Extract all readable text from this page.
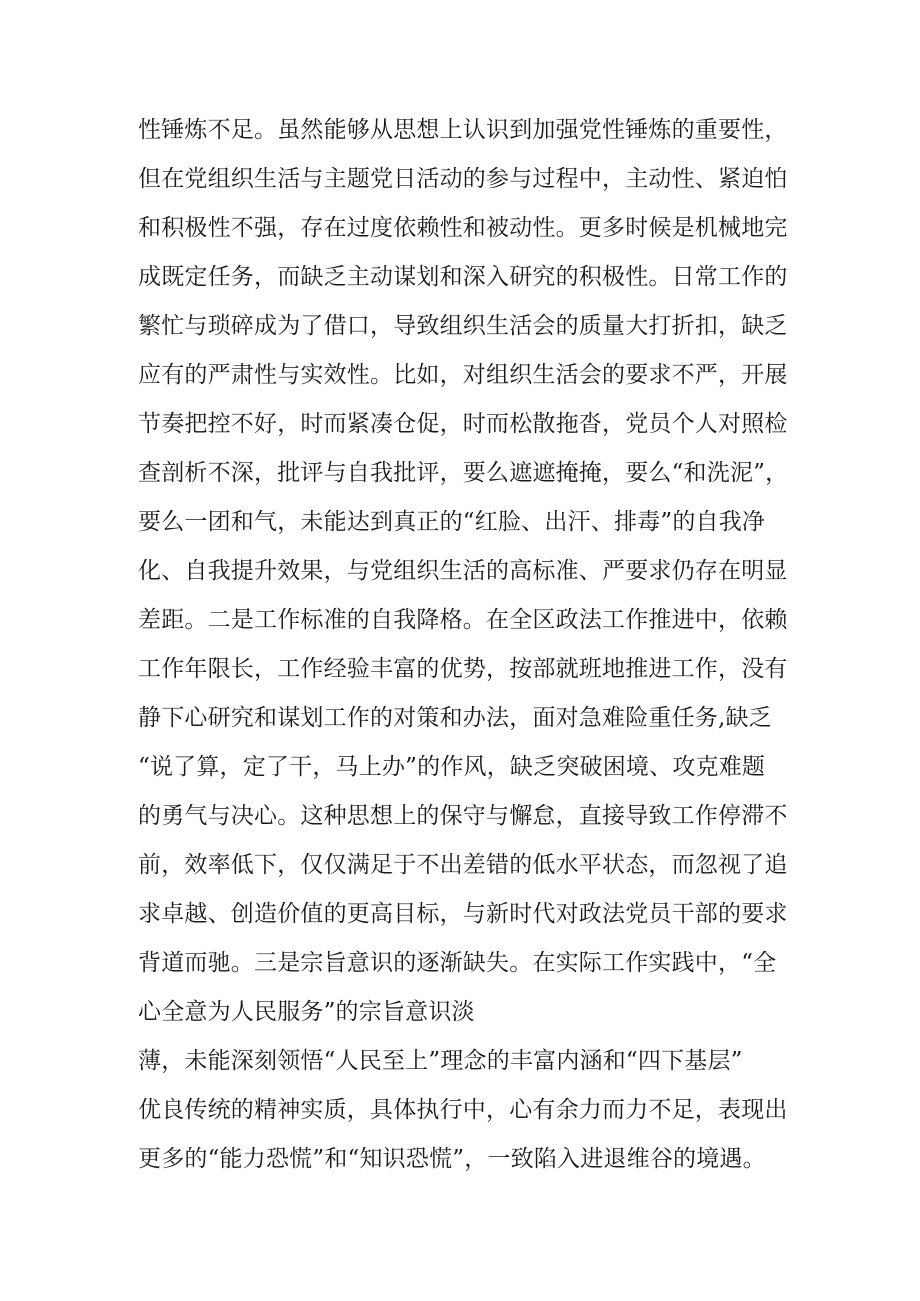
性锤炼不足。虽然能够从思想上认识到加强党性锤炼的重要性，
但在党组织生活与主题党日活动的参与过程中，主动性、紧迫怕
和积极性不强，存在过度依赖性和被动性。更多时候是机械地完
成既定任务，而缺乏主动谋划和深入研究的积极性。日常工作的
繁忙与琐碎成为了借口，导致组织生活会的质量大打折扣，缺乏
应有的严肃性与实效性。比如，对组织生活会的要求不严，开展
节奏把控不好，时而紧凑仓促，时而松散拖沓，党员个人对照检
查剖析不深，批评与自我批评，要么遮遮掩掩，要么“和洗泥”，
要么一团和气，未能达到真正的“红脸、出汗、排毒”的自我净
化、自我提升效果，与党组织生活的高标准、严要求仍存在明显
差距。二是工作标准的自我降格。在全区政法工作推进中，依赖
工作年限长，工作经验丰富的优势，按部就班地推进工作，没有
静下心研究和谋划工作的对策和办法，面对急难险重任务,缺乏
“说了算，定了干，马上办”的作风，缺乏突破困境、攻克难题
的勇气与决心。这种思想上的保守与懈怠，直接导致工作停滞不
前，效率低下，仅仅满足于不出差错的低水平状态，而忽视了追
求卓越、创造价值的更高目标，与新时代对政法党员干部的要求
背道而驰。三是宗旨意识的逐渐缺失。在实际工作实践中，“全
心全意为人民服务”的宗旨意识淡
薄，未能深刻领悟“人民至上”理念的丰富内涵和“四下基层”
优良传统的精神实质，具体执行中，心有余力而力不足，表现出
更多的“能力恐慌”和“知识恐慌”，一致陷入进退维谷的境遇。
